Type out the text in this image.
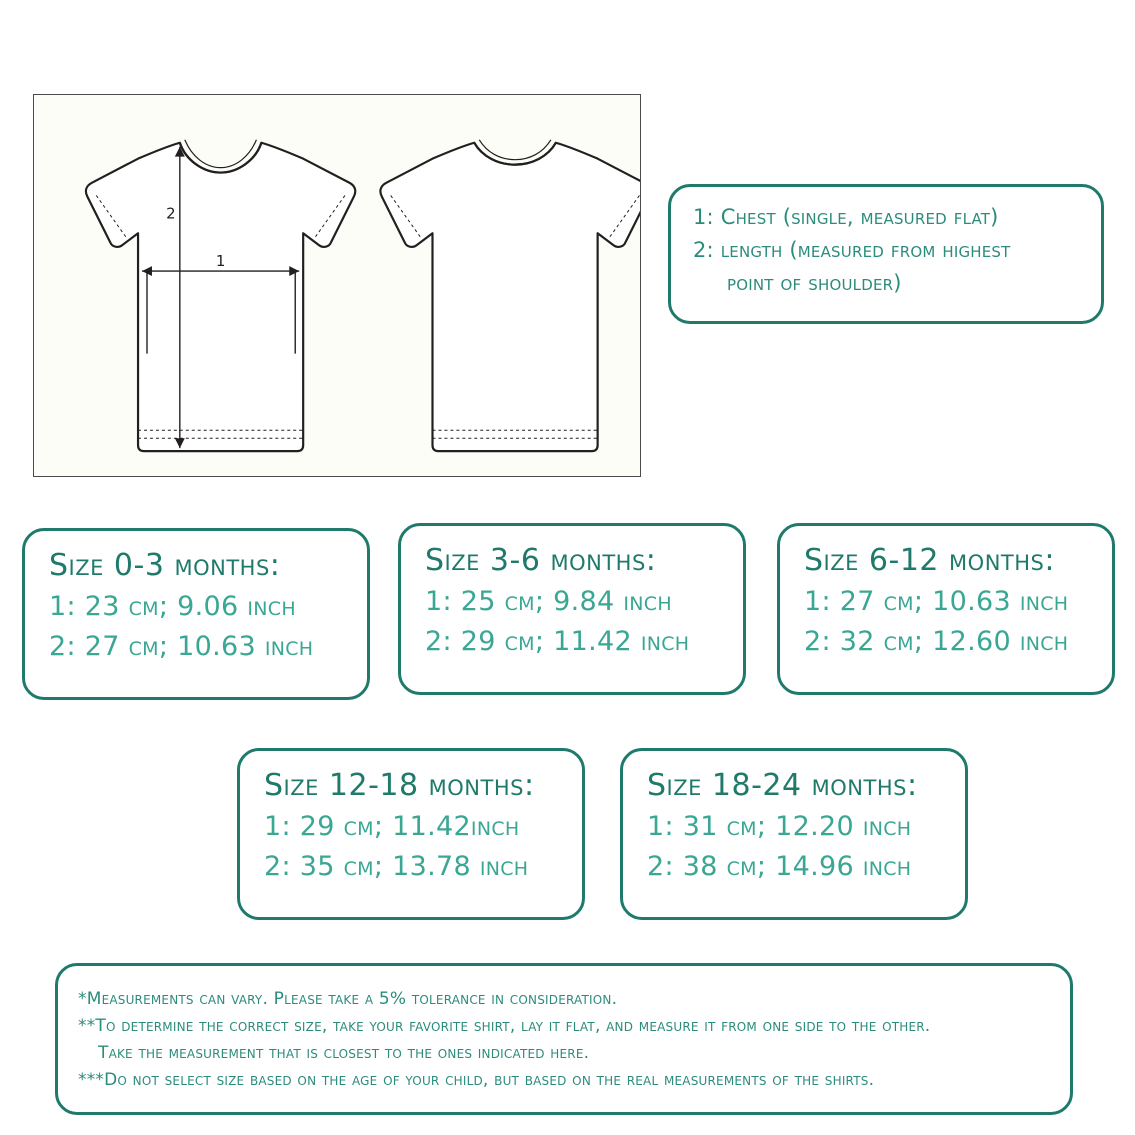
1
2	1: Chest (single, measured flat)
2: length (measured from highest
point of shoulder)
Size 0-3 months:
1: 23 cm; 9.06 inch
2: 27 cm; 10.63 inch
Size 3-6 months:
1: 25 cm; 9.84 inch
2: 29 cm; 11.42 inch
Size 6-12 months:
1: 27 cm; 10.63 inch
2: 32 cm; 12.60 inch
Size 12-18 months:
1: 29 cm; 11.42inch
2: 35 cm; 13.78 inch
Size 18-24 months:
1: 31 cm; 12.20 inch
2: 38 cm; 14.96 inch
*Measurements can vary. Please take a 5% tolerance in consideration.
**To determine the correct size, take your favorite shirt, lay it flat, and measure it from one side to the other.
Take the measurement that is closest to the ones indicated here.
***Do not select size based on the age of your child, but based on the real measurements of the shirts.
